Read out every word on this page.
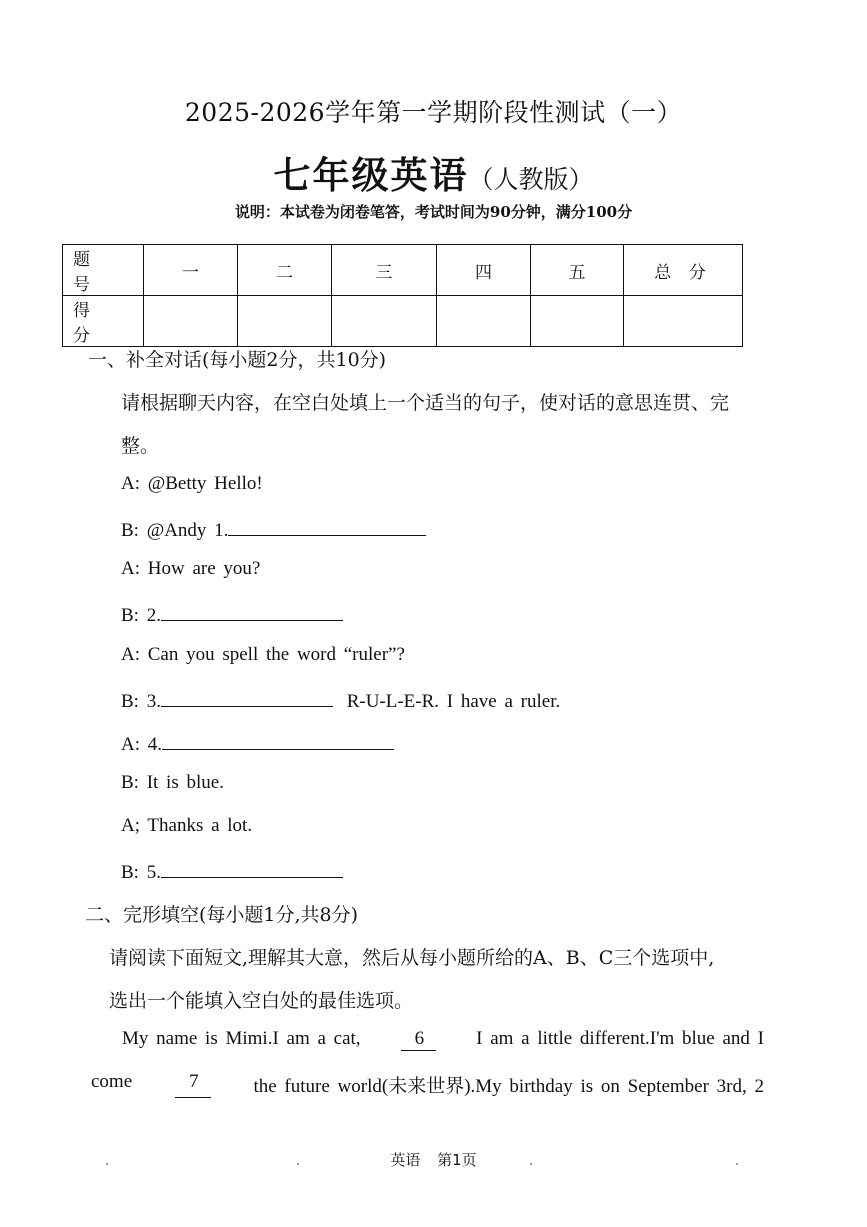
2025-2026学年第一学期阶段性测试（一）
七年级英语（人教版）
说明：本试卷为闭卷笔答，考试时间为90分钟，满分100分
题 号	一	二	三	四	五	总 分
得 分						
一、补全对话(每小题2分，共10分)
请根据聊天内容，在空白处填上一个适当的句子，使对话的意思连贯、完
整。
A: @Betty Hello!
B: @Andy 1.
A: How are you?
B: 2.
A: Can you spell the word “ruler”?
B: 3.	R-U-L-E-R. I have a ruler.
A: 4.
B: It is blue.
A; Thanks a lot.
B: 5.
二、完形填空(每小题1分,共8分)
请阅读下面短文,理解其大意，然后从每小题所给的A、B、C三个选项中,
选出一个能填入空白处的最佳选项。
My name is Mimi.I am a cat,	6	I am a little different.I'm blue and I
come	7	the future world(未来世界).My birthday is on September 3rd, 2
英语 第1页
